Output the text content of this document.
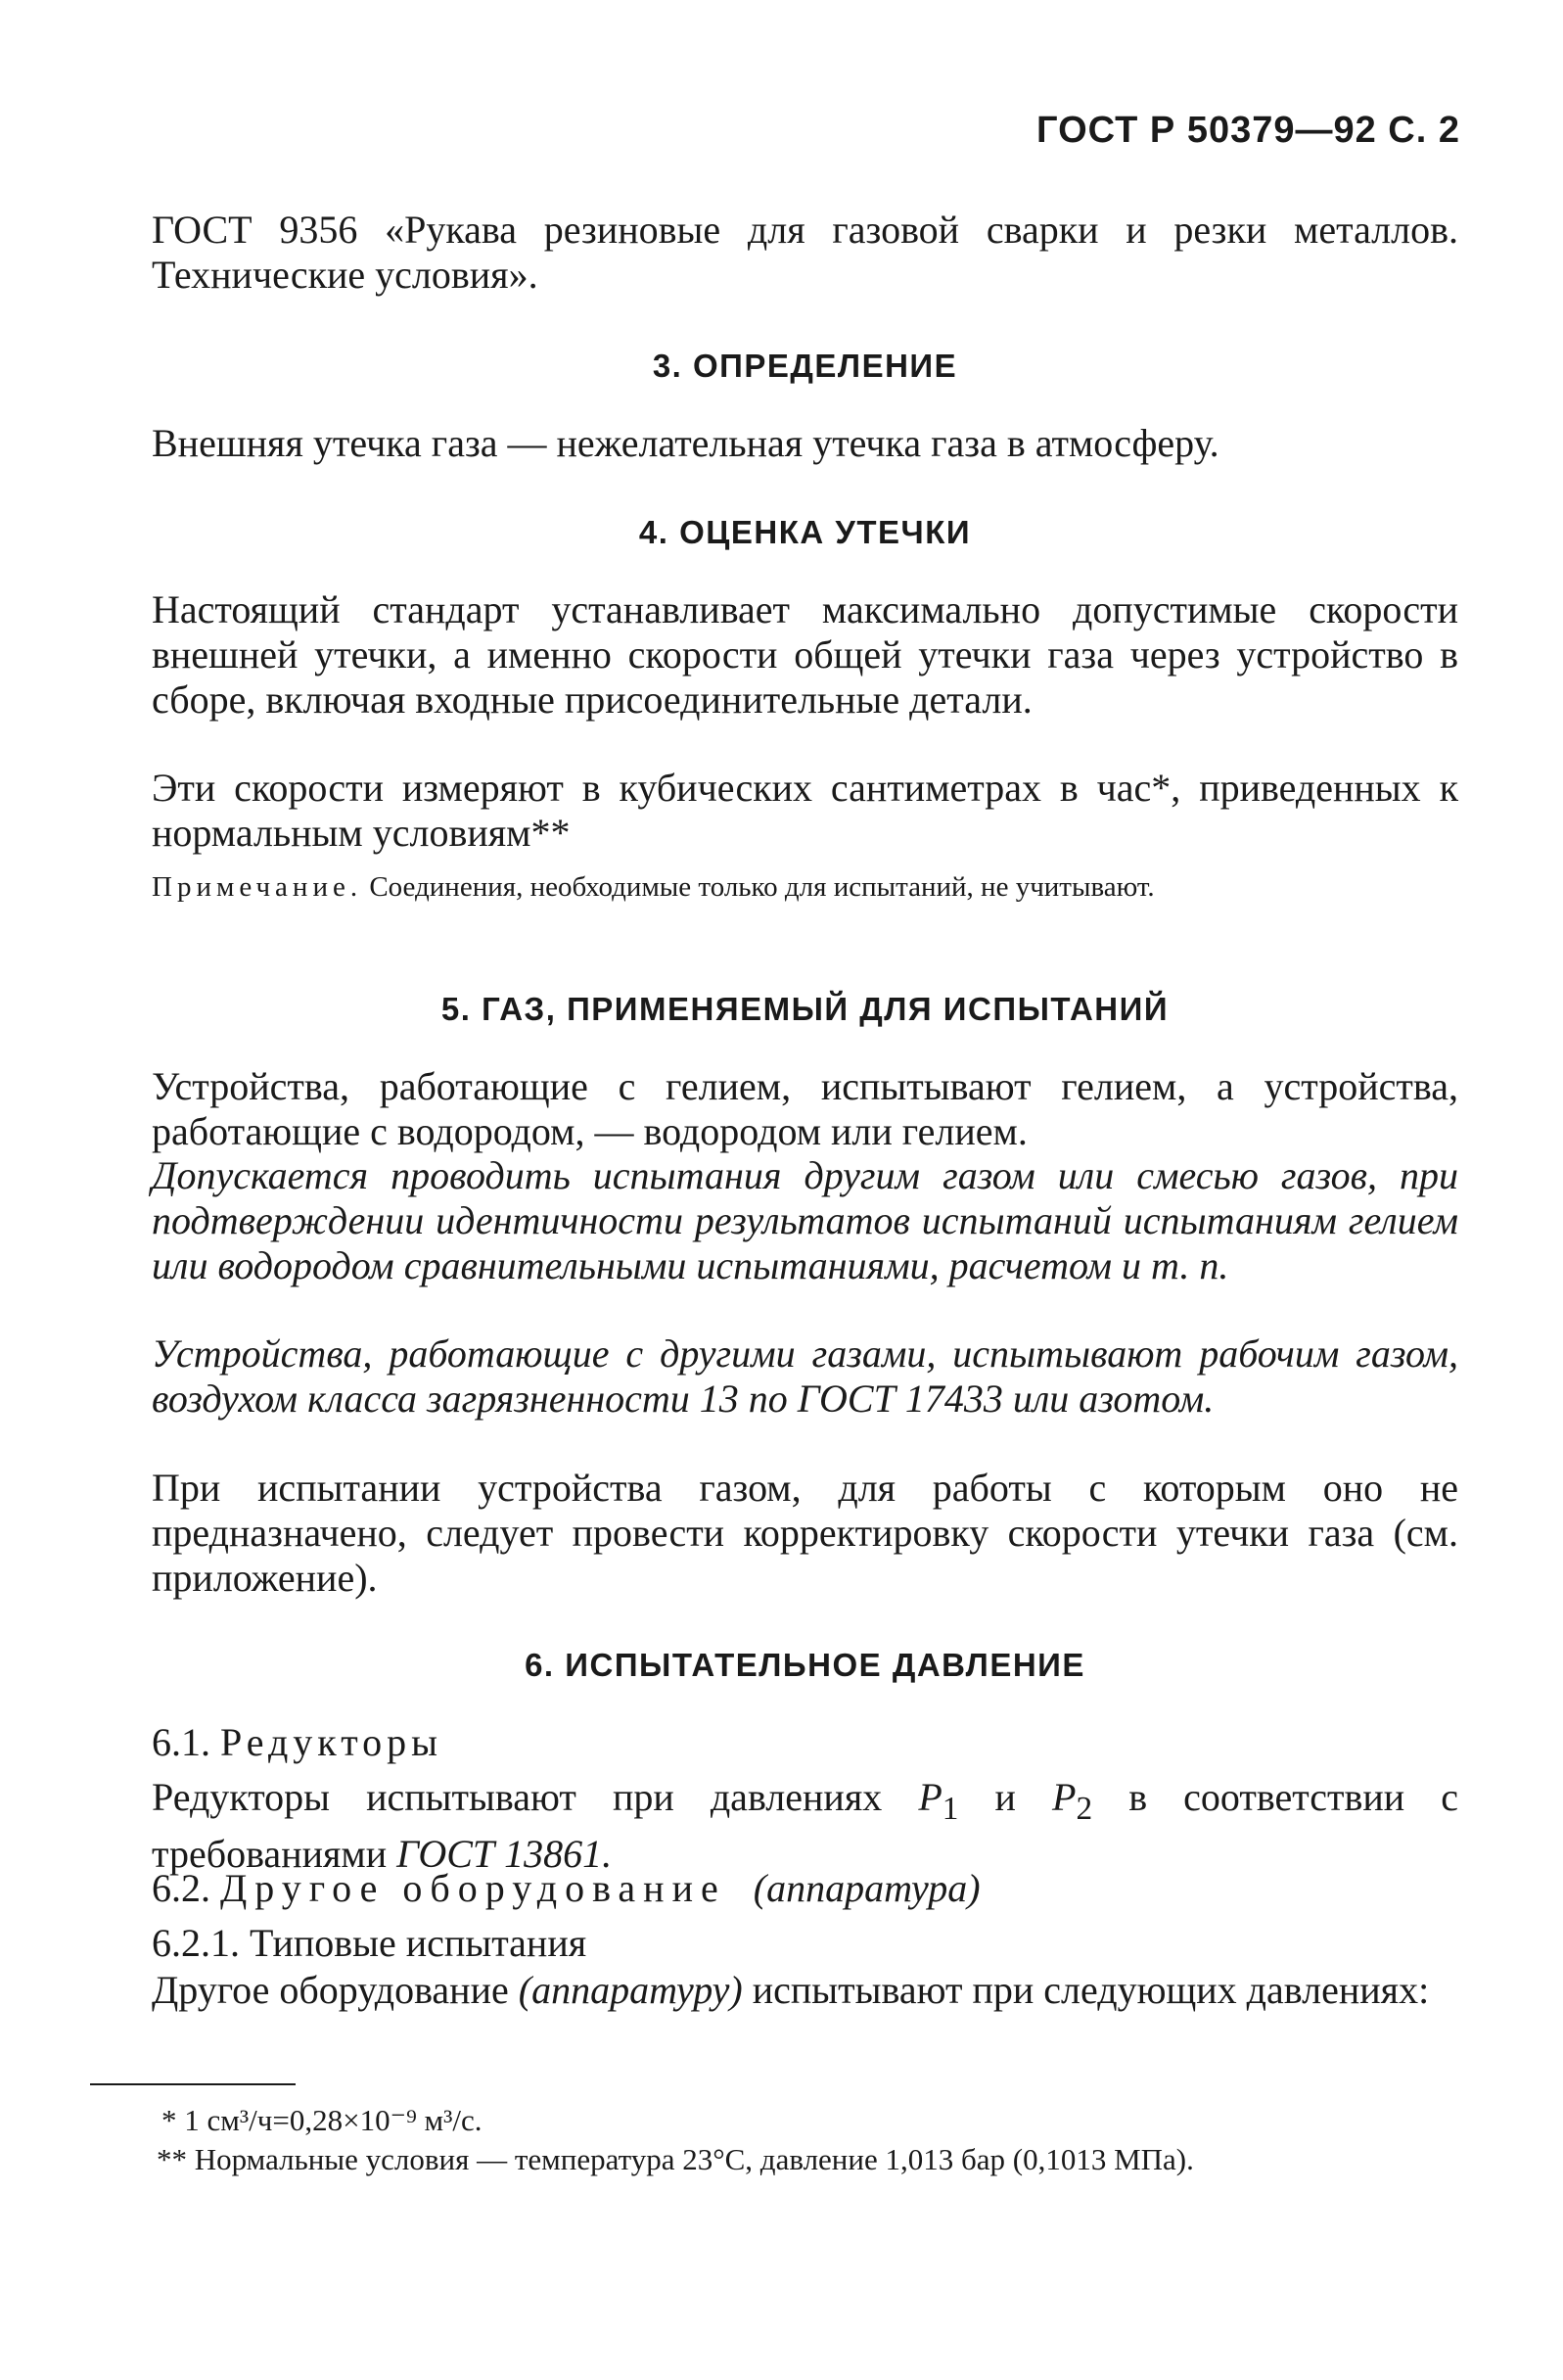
ГОСТ Р 50379—92 С. 2

ГОСТ 9356 «Рукава резиновые для газовой сварки и резки металлов. Технические условия».

3. ОПРЕДЕЛЕНИЕ

Внешняя утечка газа — нежелательная утечка газа в атмосферу.

4. ОЦЕНКА УТЕЧКИ

Настоящий стандарт устанавливает максимально допустимые скорости внешней утечки, а именно скорости общей утечки газа через устройство в сборе, включая входные присоединительные детали.

Эти скорости измеряют в кубических сантиметрах в час*, приведенных к нормальным условиям**

Примечание. Соединения, необходимые только для испытаний, не учитывают.

5. ГАЗ, ПРИМЕНЯЕМЫЙ ДЛЯ ИСПЫТАНИЙ

Устройства, работающие с гелием, испытывают гелием, а устройства, работающие с водородом, — водородом или гелием.

Допускается проводить испытания другим газом или смесью газов, при подтверждении идентичности результатов испытаний испытаниям гелием или водородом сравнительными испытаниями, расчетом и т. п.

Устройства, работающие с другими газами, испытывают рабочим газом, воздухом класса загрязненности 13 по ГОСТ 17433 или азотом.

При испытании устройства газом, для работы с которым оно не предназначено, следует провести корректировку скорости утечки газа (см. приложение).

6. ИСПЫТАТЕЛЬНОЕ ДАВЛЕНИЕ

6.1. Редукторы

Редукторы испытывают при давлениях $P_1$ и $P_2$ в соответствии с требованиями ГОСТ 13861.

6.2. Другое оборудование (аппаратура)

6.2.1. Типовые испытания

Другое оборудование (аппаратуру) испытывают при следующих давлениях:

* 1 см³/ч=0,28×10⁻⁹ м³/с.

** Нормальные условия — температура 23°С, давление 1,013 бар (0,1013 МПа).
